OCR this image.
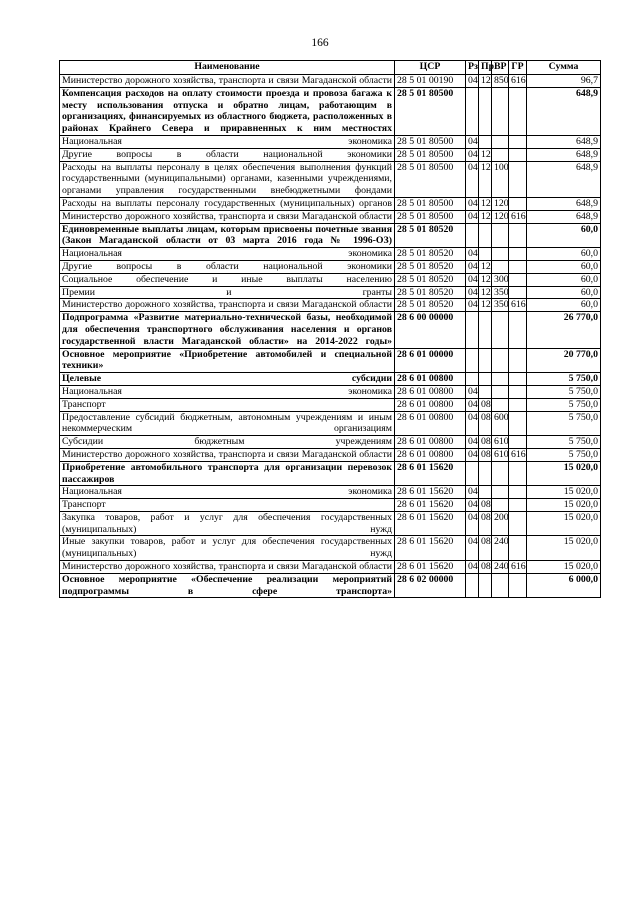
166
Наименование	ЦСР	Рз	Пр	ВР	ГР	Сумма
Министерство дорожного хозяйства, транспорта и связи Магаданской области	28 5 01 00190	04	12	850	616	96,7
Компенсация расходов на оплату стоимости проезда и провоза багажа к месту использования отпуска и обратно лицам, работающим в организациях, финансируемых из областного бюджета, расположенных в районах Крайнего Севера и приравненных к ним местностях	28 5 01 80500					648,9
Национальная экономика	28 5 01 80500	04				648,9
Другие вопросы в области национальной экономики	28 5 01 80500	04	12			648,9
Расходы на выплаты персоналу в целях обеспечения выполнения функций государственными (муниципальными) органами, казенными учреждениями, органами управления государственными внебюджетными фондами	28 5 01 80500	04	12	100		648,9
Расходы на выплаты персоналу государственных (муниципальных) органов	28 5 01 80500	04	12	120		648,9
Министерство дорожного хозяйства, транспорта и связи Магаданской области	28 5 01 80500	04	12	120	616	648,9
Единовременные выплаты лицам, которым присвоены почетные звания (Закон Магаданской области от 03 марта 2016 года № 1996-ОЗ)	28 5 01 80520					60,0
Национальная экономика	28 5 01 80520	04				60,0
Другие вопросы в области национальной экономики	28 5 01 80520	04	12			60,0
Социальное обеспечение и иные выплаты населению	28 5 01 80520	04	12	300		60,0
Премии и гранты	28 5 01 80520	04	12	350		60,0
Министерство дорожного хозяйства, транспорта и связи Магаданской области	28 5 01 80520	04	12	350	616	60,0
Подпрограмма «Развитие материально-технической базы, необходимой для обеспечения транспортного обслуживания населения и органов государственной власти Магаданской области» на 2014-2022 годы»	28 6 00 00000					26 770,0
Основное мероприятие «Приобретение автомобилей и специальной техники»	28 6 01 00000					20 770,0
Целевые субсидии	28 6 01 00800					5 750,0
Национальная экономика	28 6 01 00800	04				5 750,0
Транспорт	28 6 01 00800	04	08			5 750,0
Предоставление субсидий бюджетным, автономным учреждениям и иным некоммерческим организациям	28 6 01 00800	04	08	600		5 750,0
Субсидии бюджетным учреждениям	28 6 01 00800	04	08	610		5 750,0
Министерство дорожного хозяйства, транспорта и связи Магаданской области	28 6 01 00800	04	08	610	616	5 750,0
Приобретение автомобильного транспорта для организации перевозок пассажиров	28 6 01 15620					15 020,0
Национальная экономика	28 6 01 15620	04				15 020,0
Транспорт	28 6 01 15620	04	08			15 020,0
Закупка товаров, работ и услуг для обеспечения государственных (муниципальных) нужд	28 6 01 15620	04	08	200		15 020,0
Иные закупки товаров, работ и услуг для обеспечения государственных (муниципальных) нужд	28 6 01 15620	04	08	240		15 020,0
Министерство дорожного хозяйства, транспорта и связи Магаданской области	28 6 01 15620	04	08	240	616	15 020,0
Основное мероприятие «Обеспечение реализации мероприятий подпрограммы в сфере транспорта»	28 6 02 00000					6 000,0
